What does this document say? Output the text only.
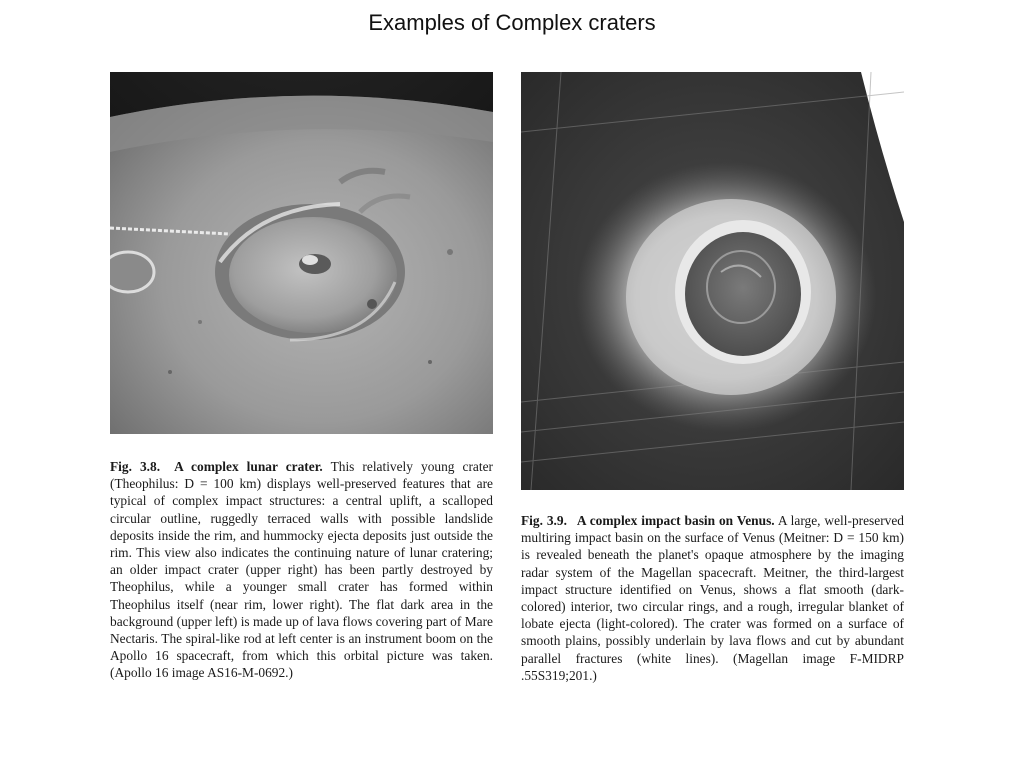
Examples of Complex craters
Fig. 3.8. A complex lunar crater. This relatively young crater (Theophilus: D = 100 km) displays well-preserved features that are typical of complex impact structures: a central uplift, a scalloped circular outline, ruggedly terraced walls with possible landslide deposits inside the rim, and hummocky ejecta deposits just outside the rim. This view also indicates the continuing nature of lunar cratering; an older impact crater (upper right) has been partly destroyed by Theophilus, while a younger small crater has formed within Theophilus itself (near rim, lower right). The flat dark area in the background (upper left) is made up of lava flows covering part of Mare Nectaris. The spiral-like rod at left center is an instrument boom on the Apollo 16 spacecraft, from which this orbital picture was taken. (Apollo 16 image AS16-M-0692.)
Fig. 3.9. A complex impact basin on Venus. A large, well-preserved multiring impact basin on the surface of Venus (Meitner: D = 150 km) is revealed beneath the planet's opaque atmosphere by the imaging radar system of the Magellan spacecraft. Meitner, the third-largest impact structure identified on Venus, shows a flat smooth (dark-colored) interior, two circular rings, and a rough, irregular blanket of lobate ejecta (light-colored). The crater was formed on a surface of smooth plains, possibly underlain by lava flows and cut by abundant parallel fractures (white lines). (Magellan image F-MIDRP .55S319;201.)
